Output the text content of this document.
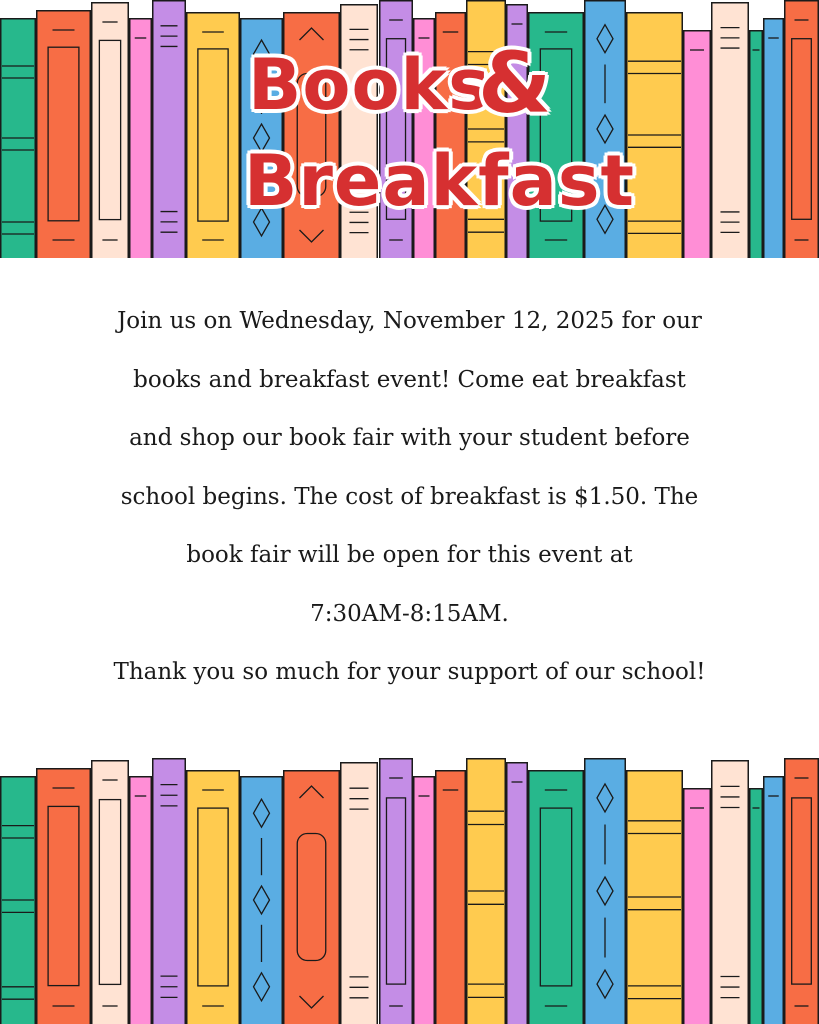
Books
&
Breakfast

Join us on Wednesday, November 12, 2025 for our

books and breakfast event! Come eat breakfast

and shop our book fair with your student before

school begins. The cost of breakfast is $1.50. The

book fair will be open for this event at

7:30AM-8:15AM.

Thank you so much for your support of our school!
